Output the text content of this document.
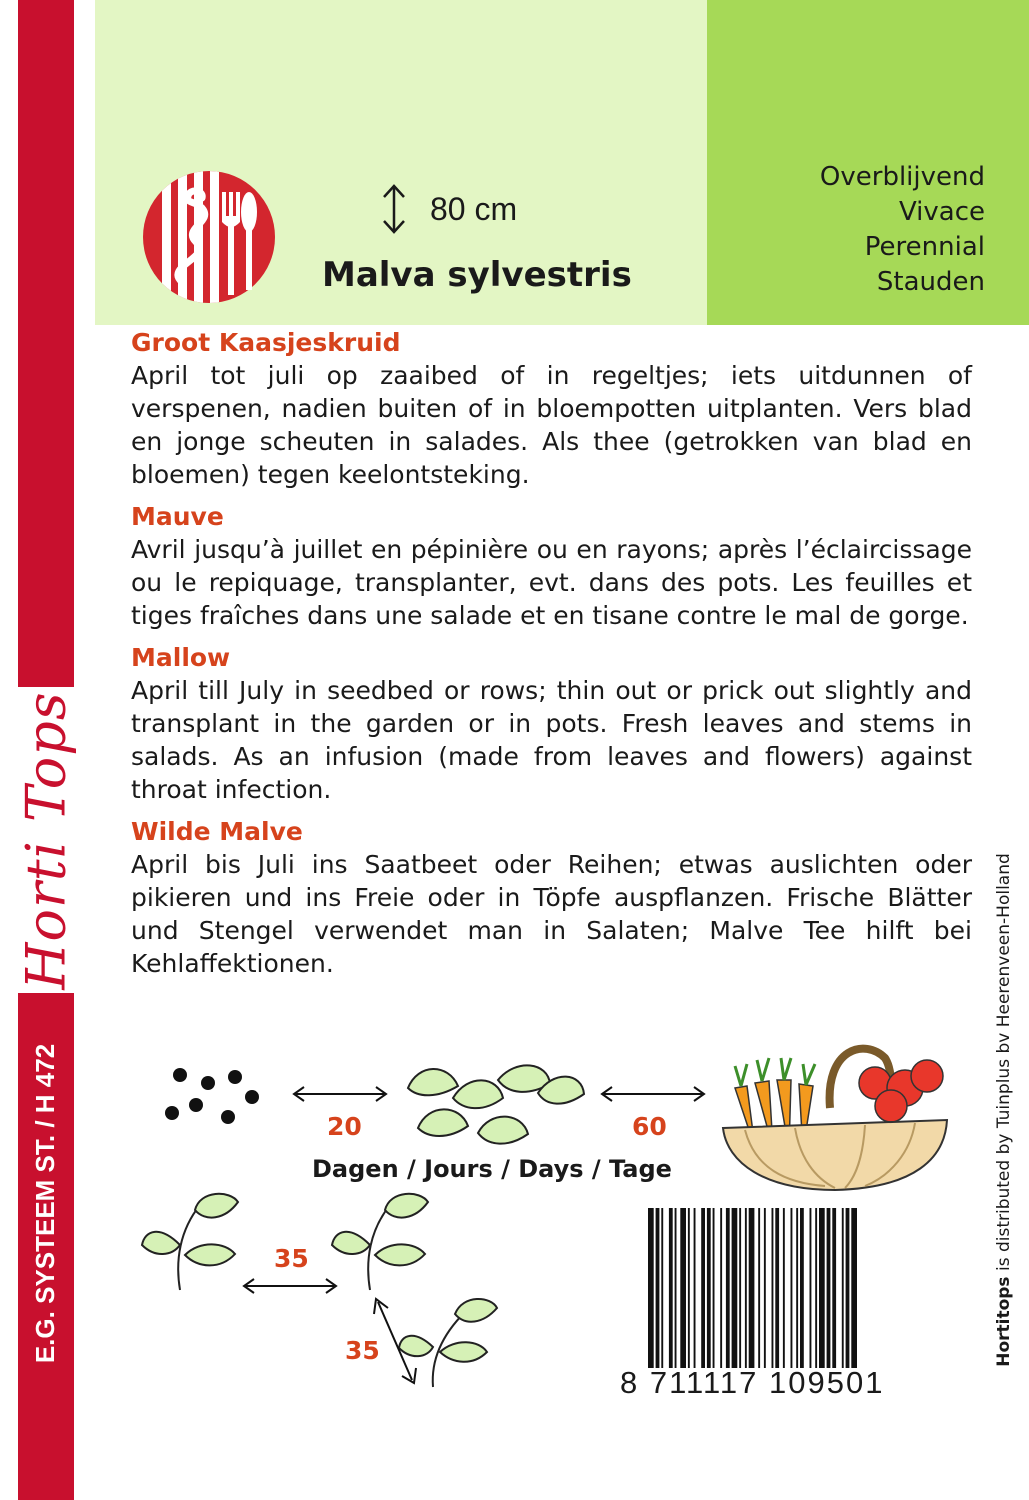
Horti Tops
E.G. SYSTEEM ST. / H 472
80 cm
Malva sylvestris
Overblijvend
Vivace
Perennial
Stauden

Groot Kaasjeskruid

April tot juli op zaaibed of in regeltjes; iets uitdunnen of verspenen, nadien buiten of in bloempotten uitplanten. Vers blad en jonge scheuten in salades. Als thee (getrokken van blad en bloemen) tegen keelontsteking.

Mauve

Avril jusqu’à juillet en pépinière ou en rayons; après l’éclaircissage ou le repiquage, transplanter, evt. dans des pots. Les feuilles et tiges fraîches dans une salade et en tisane contre le mal de gorge.

Mallow

April till July in seedbed or rows; thin out or prick out slightly and transplant in the garden or in pots. Fresh leaves and stems in salads. As an infusion (made from leaves and flowers) against throat infection.

Wilde Malve

April bis Juli ins Saatbeet oder Reihen; etwas auslichten oder pikieren und ins Freie oder in Töpfe auspflanzen. Frische Blätter und Stengel verwendet man in Salaten; Malve Tee hilft bei Kehlaffektionen.

Hortitops is distributed by Tuinplus bv Heerenveen-Holland
20	60
Dagen / Jours / Days / Tage
35
35
8 711117 109501
